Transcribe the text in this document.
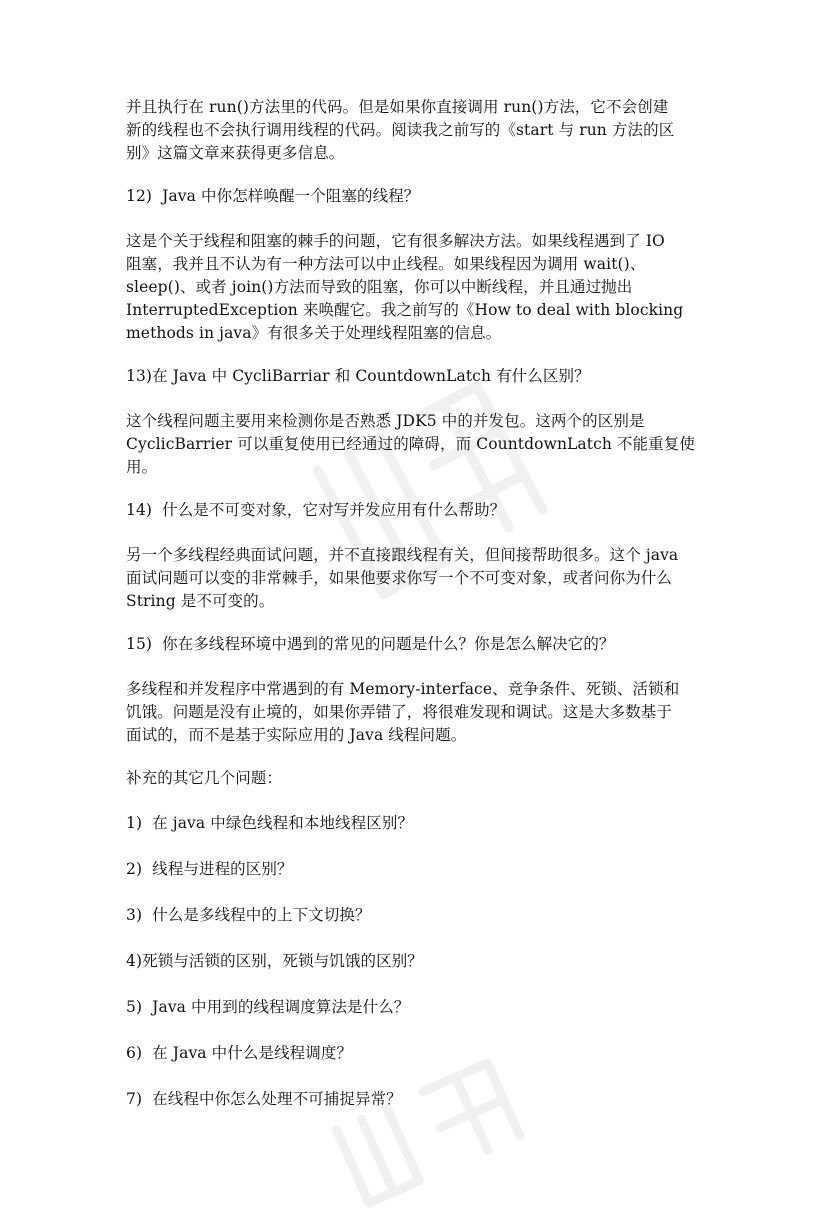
并且执行在 run()方法里的代码。但是如果你直接调用 run()方法，它不会创建
新的线程也不会执行调用线程的代码。阅读我之前写的《start 与 run 方法的区
别》这篇文章来获得更多信息。
12)  Java 中你怎样唤醒一个阻塞的线程？
这是个关于线程和阻塞的棘手的问题，它有很多解决方法。如果线程遇到了 IO
阻塞，我并且不认为有一种方法可以中止线程。如果线程因为调用 wait()、
sleep()、或者 join()方法而导致的阻塞，你可以中断线程，并且通过抛出
InterruptedException 来唤醒它。我之前写的《How to deal with blocking
methods in java》有很多关于处理线程阻塞的信息。
13)在 Java 中 CycliBarriar 和 CountdownLatch 有什么区别？
这个线程问题主要用来检测你是否熟悉 JDK5 中的并发包。这两个的区别是
CyclicBarrier 可以重复使用已经通过的障碍，而 CountdownLatch 不能重复使
用。
14)  什么是不可变对象，它对写并发应用有什么帮助？
另一个多线程经典面试问题，并不直接跟线程有关，但间接帮助很多。这个 java
面试问题可以变的非常棘手，如果他要求你写一个不可变对象，或者问你为什么
String 是不可变的。
15)  你在多线程环境中遇到的常见的问题是什么？你是怎么解决它的？
多线程和并发程序中常遇到的有 Memory-interface、竞争条件、死锁、活锁和
饥饿。问题是没有止境的，如果你弄错了，将很难发现和调试。这是大多数基于
面试的，而不是基于实际应用的 Java 线程问题。
补充的其它几个问题：
1)  在 java 中绿色线程和本地线程区别？
2)  线程与进程的区别？
3)  什么是多线程中的上下文切换？
4)死锁与活锁的区别，死锁与饥饿的区别？
5)  Java 中用到的线程调度算法是什么？
6)  在 Java 中什么是线程调度？
7)  在线程中你怎么处理不可捕捉异常？
